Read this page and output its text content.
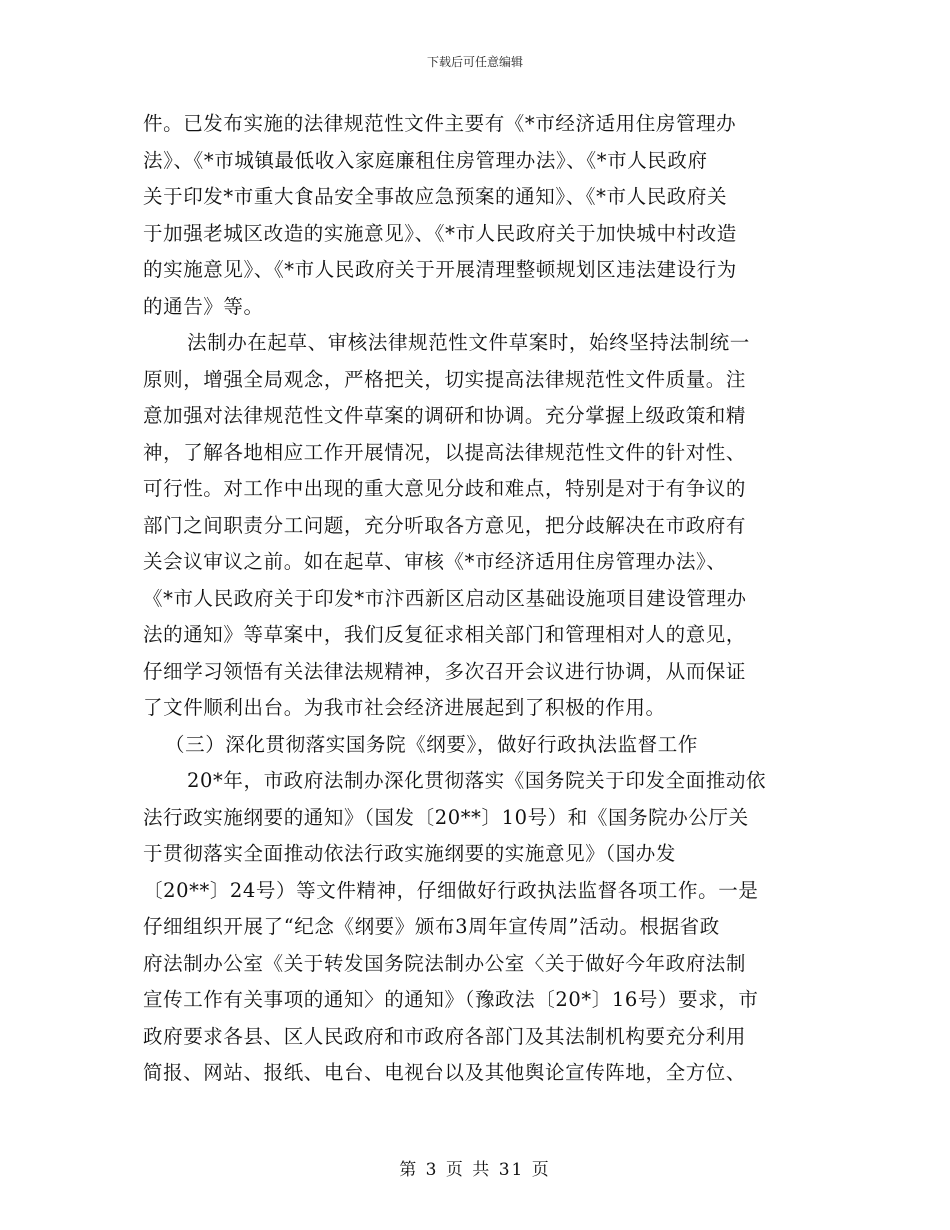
下载后可任意编辑
件。已发布实施的法律规范性文件主要有《*市经济适用住房管理办
法》、《*市城镇最低收入家庭廉租住房管理办法》、《*市人民政府
关于印发*市重大食品安全事故应急预案的通知》、《*市人民政府关
于加强老城区改造的实施意见》、《*市人民政府关于加快城中村改造
的实施意见》、《*市人民政府关于开展清理整顿规划区违法建设行为
的通告》等。
法制办在起草、审核法律规范性文件草案时，始终坚持法制统一
原则，增强全局观念，严格把关，切实提高法律规范性文件质量。注
意加强对法律规范性文件草案的调研和协调。充分掌握上级政策和精
神，了解各地相应工作开展情况，以提高法律规范性文件的针对性、
可行性。对工作中出现的重大意见分歧和难点，特别是对于有争议的
部门之间职责分工问题，充分听取各方意见，把分歧解决在市政府有
关会议审议之前。如在起草、审核《*市经济适用住房管理办法》、
《*市人民政府关于印发*市汴西新区启动区基础设施项目建设管理办
法的通知》等草案中，我们反复征求相关部门和管理相对人的意见，
仔细学习领悟有关法律法规精神，多次召开会议进行协调，从而保证
了文件顺利出台。为我市社会经济进展起到了积极的作用。
（三）深化贯彻落实国务院《纲要》，做好行政执法监督工作
20*年，市政府法制办深化贯彻落实《国务院关于印发全面推动依
法行政实施纲要的通知》（国发〔20**〕10号）和《国务院办公厅关
于贯彻落实全面推动依法行政实施纲要的实施意见》（国办发
〔20**〕24号）等文件精神，仔细做好行政执法监督各项工作。一是
仔细组织开展了“纪念《纲要》颁布3周年宣传周”活动。根据省政
府法制办公室《关于转发国务院法制办公室〈关于做好今年政府法制
宣传工作有关事项的通知〉的通知》（豫政法〔20*〕16号）要求，市
政府要求各县、区人民政府和市政府各部门及其法制机构要充分利用
简报、网站、报纸、电台、电视台以及其他舆论宣传阵地，全方位、
第 3 页 共 31 页
